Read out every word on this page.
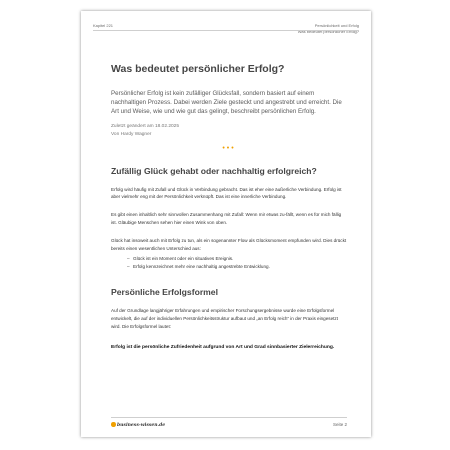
Kapitel 221	Persönlichkeit und Erfolg
Was bedeutet persönlicher Erfolg?
Was bedeutet persönlicher Erfolg?
Persönlicher Erfolg ist kein zufälliger Glücksfall, sondern basiert auf einem nachhaltigen Prozess. Dabei werden Ziele gesteckt und angestrebt und erreicht. Die Art und Weise, wie und wie gut das gelingt, beschreibt persönlichen Erfolg.
Zuletzt geändert am 18.02.2025
Von Hardy Wagner
•••
Zufällig Glück gehabt oder nachhaltig erfolgreich?

Erfolg wird häufig mit Zufall und Glück in Verbindung gebracht. Das ist eher eine äußerliche Verbindung. Erfolg ist aber vielmehr eng mit der Persönlichkeit verknüpft. Das ist eine innerliche Verbindung.

Es gibt einen inhaltlich sehr sinnvollen Zusammenhang mit Zufall: Wenn mir etwas zu-fällt, wenn es für mich fällig ist. Gläubige Menschen sehen hier einen Wink von oben.

Glück hat insoweit auch mit Erfolg zu tun, als ein sogenannter Flow als Glücksmoment empfunden wird. Dies drückt bereits einen wesentlichen Unterschied aus:

– Glück ist ein Moment oder ein situatives Ereignis.
– Erfolg kennzeichnet mehr eine nachhaltig angestrebte Entwicklung.
Persönliche Erfolgsformel

Auf der Grundlage langjähriger Erfahrungen und empirischer Forschungsergebnisse wurde eine Erfolgsformel entwickelt, die auf der individuellen Persönlichkeitsstruktur aufbaut und „an Erfolg reich“ in der Praxis eingesetzt wird. Die Erfolgsformel lautet:

Erfolg ist die persönliche Zufriedenheit aufgrund von Art und Grad sinnbasierter Zielerreichung.

business-wissen.de	Seite 2
